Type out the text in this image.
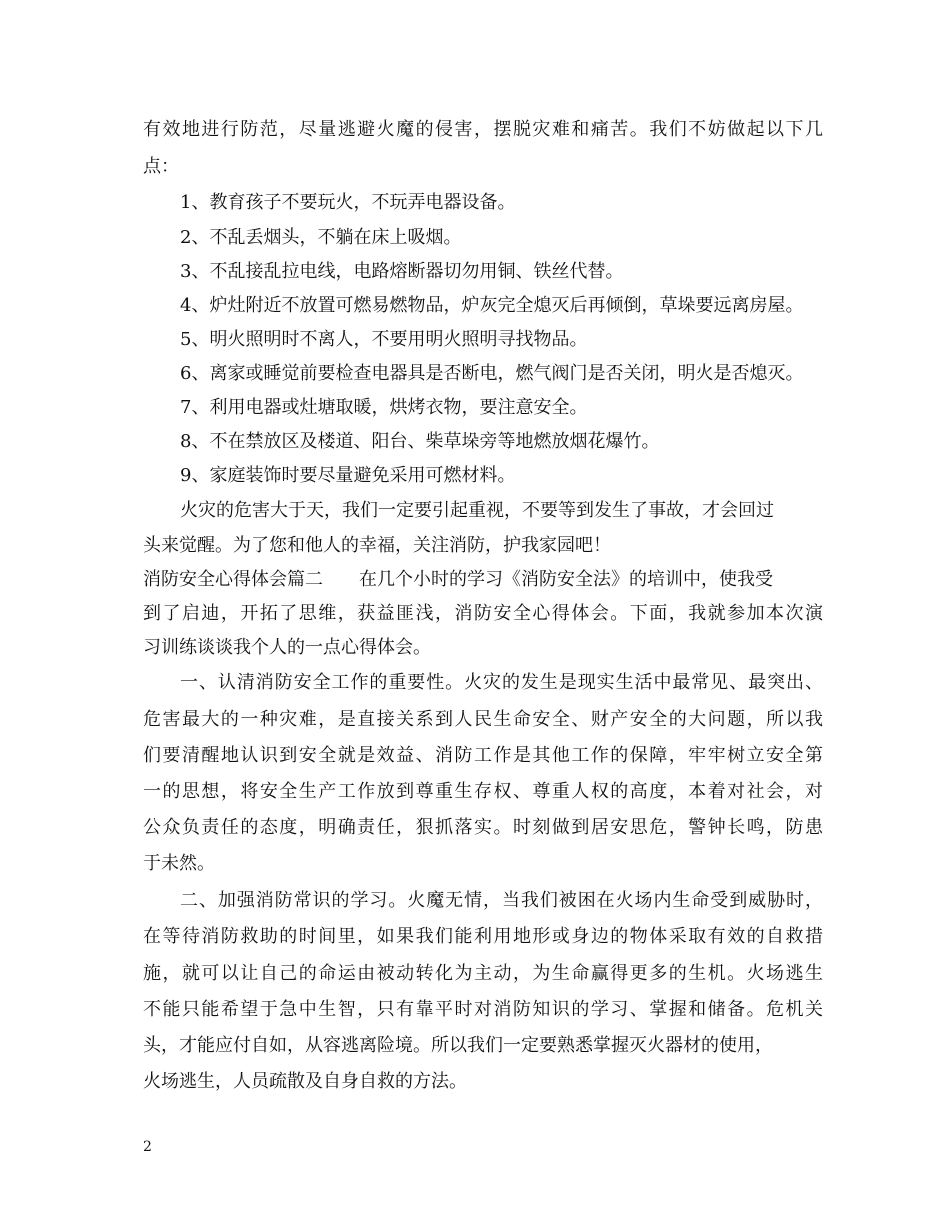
有效地进行防范，尽量逃避火魔的侵害，摆脱灾难和痛苦。我们不妨做起以下几
点：
1、教育孩子不要玩火，不玩弄电器设备。
2、不乱丢烟头，不躺在床上吸烟。
3、不乱接乱拉电线，电路熔断器切勿用铜、铁丝代替。
4、炉灶附近不放置可燃易燃物品，炉灰完全熄灭后再倾倒，草垛要远离房屋。
5、明火照明时不离人，不要用明火照明寻找物品。
6、离家或睡觉前要检查电器具是否断电，燃气阀门是否关闭，明火是否熄灭。
7、利用电器或灶塘取暖，烘烤衣物，要注意安全。
8、不在禁放区及楼道、阳台、柴草垛旁等地燃放烟花爆竹。
9、家庭装饰时要尽量避免采用可燃材料。
火灾的危害大于天，我们一定要引起重视，不要等到发生了事故，才会回过
头来觉醒。为了您和他人的幸福，关注消防，护我家园吧！
消防安全心得体会篇二　　在几个小时的学习《消防安全法》的培训中，使我受
到了启迪，开拓了思维，获益匪浅，消防安全心得体会。下面，我就参加本次演
习训练谈谈我个人的一点心得体会。
一、认清消防安全工作的重要性。火灾的发生是现实生活中最常见、最突出、
危害最大的一种灾难，是直接关系到人民生命安全、财产安全的大问题，所以我
们要清醒地认识到安全就是效益、消防工作是其他工作的保障，牢牢树立安全第
一的思想，将安全生产工作放到尊重生存权、尊重人权的高度，本着对社会，对
公众负责任的态度，明确责任，狠抓落实。时刻做到居安思危，警钟长鸣，防患
于未然。
二、加强消防常识的学习。火魔无情，当我们被困在火场内生命受到威胁时，
在等待消防救助的时间里，如果我们能利用地形或身边的物体采取有效的自救措
施，就可以让自己的命运由被动转化为主动，为生命赢得更多的生机。火场逃生
不能只能希望于急中生智，只有靠平时对消防知识的学习、掌握和储备。危机关
头，才能应付自如，从容逃离险境。所以我们一定要熟悉掌握灭火器材的使用，
火场逃生，人员疏散及自身自救的方法。
2
